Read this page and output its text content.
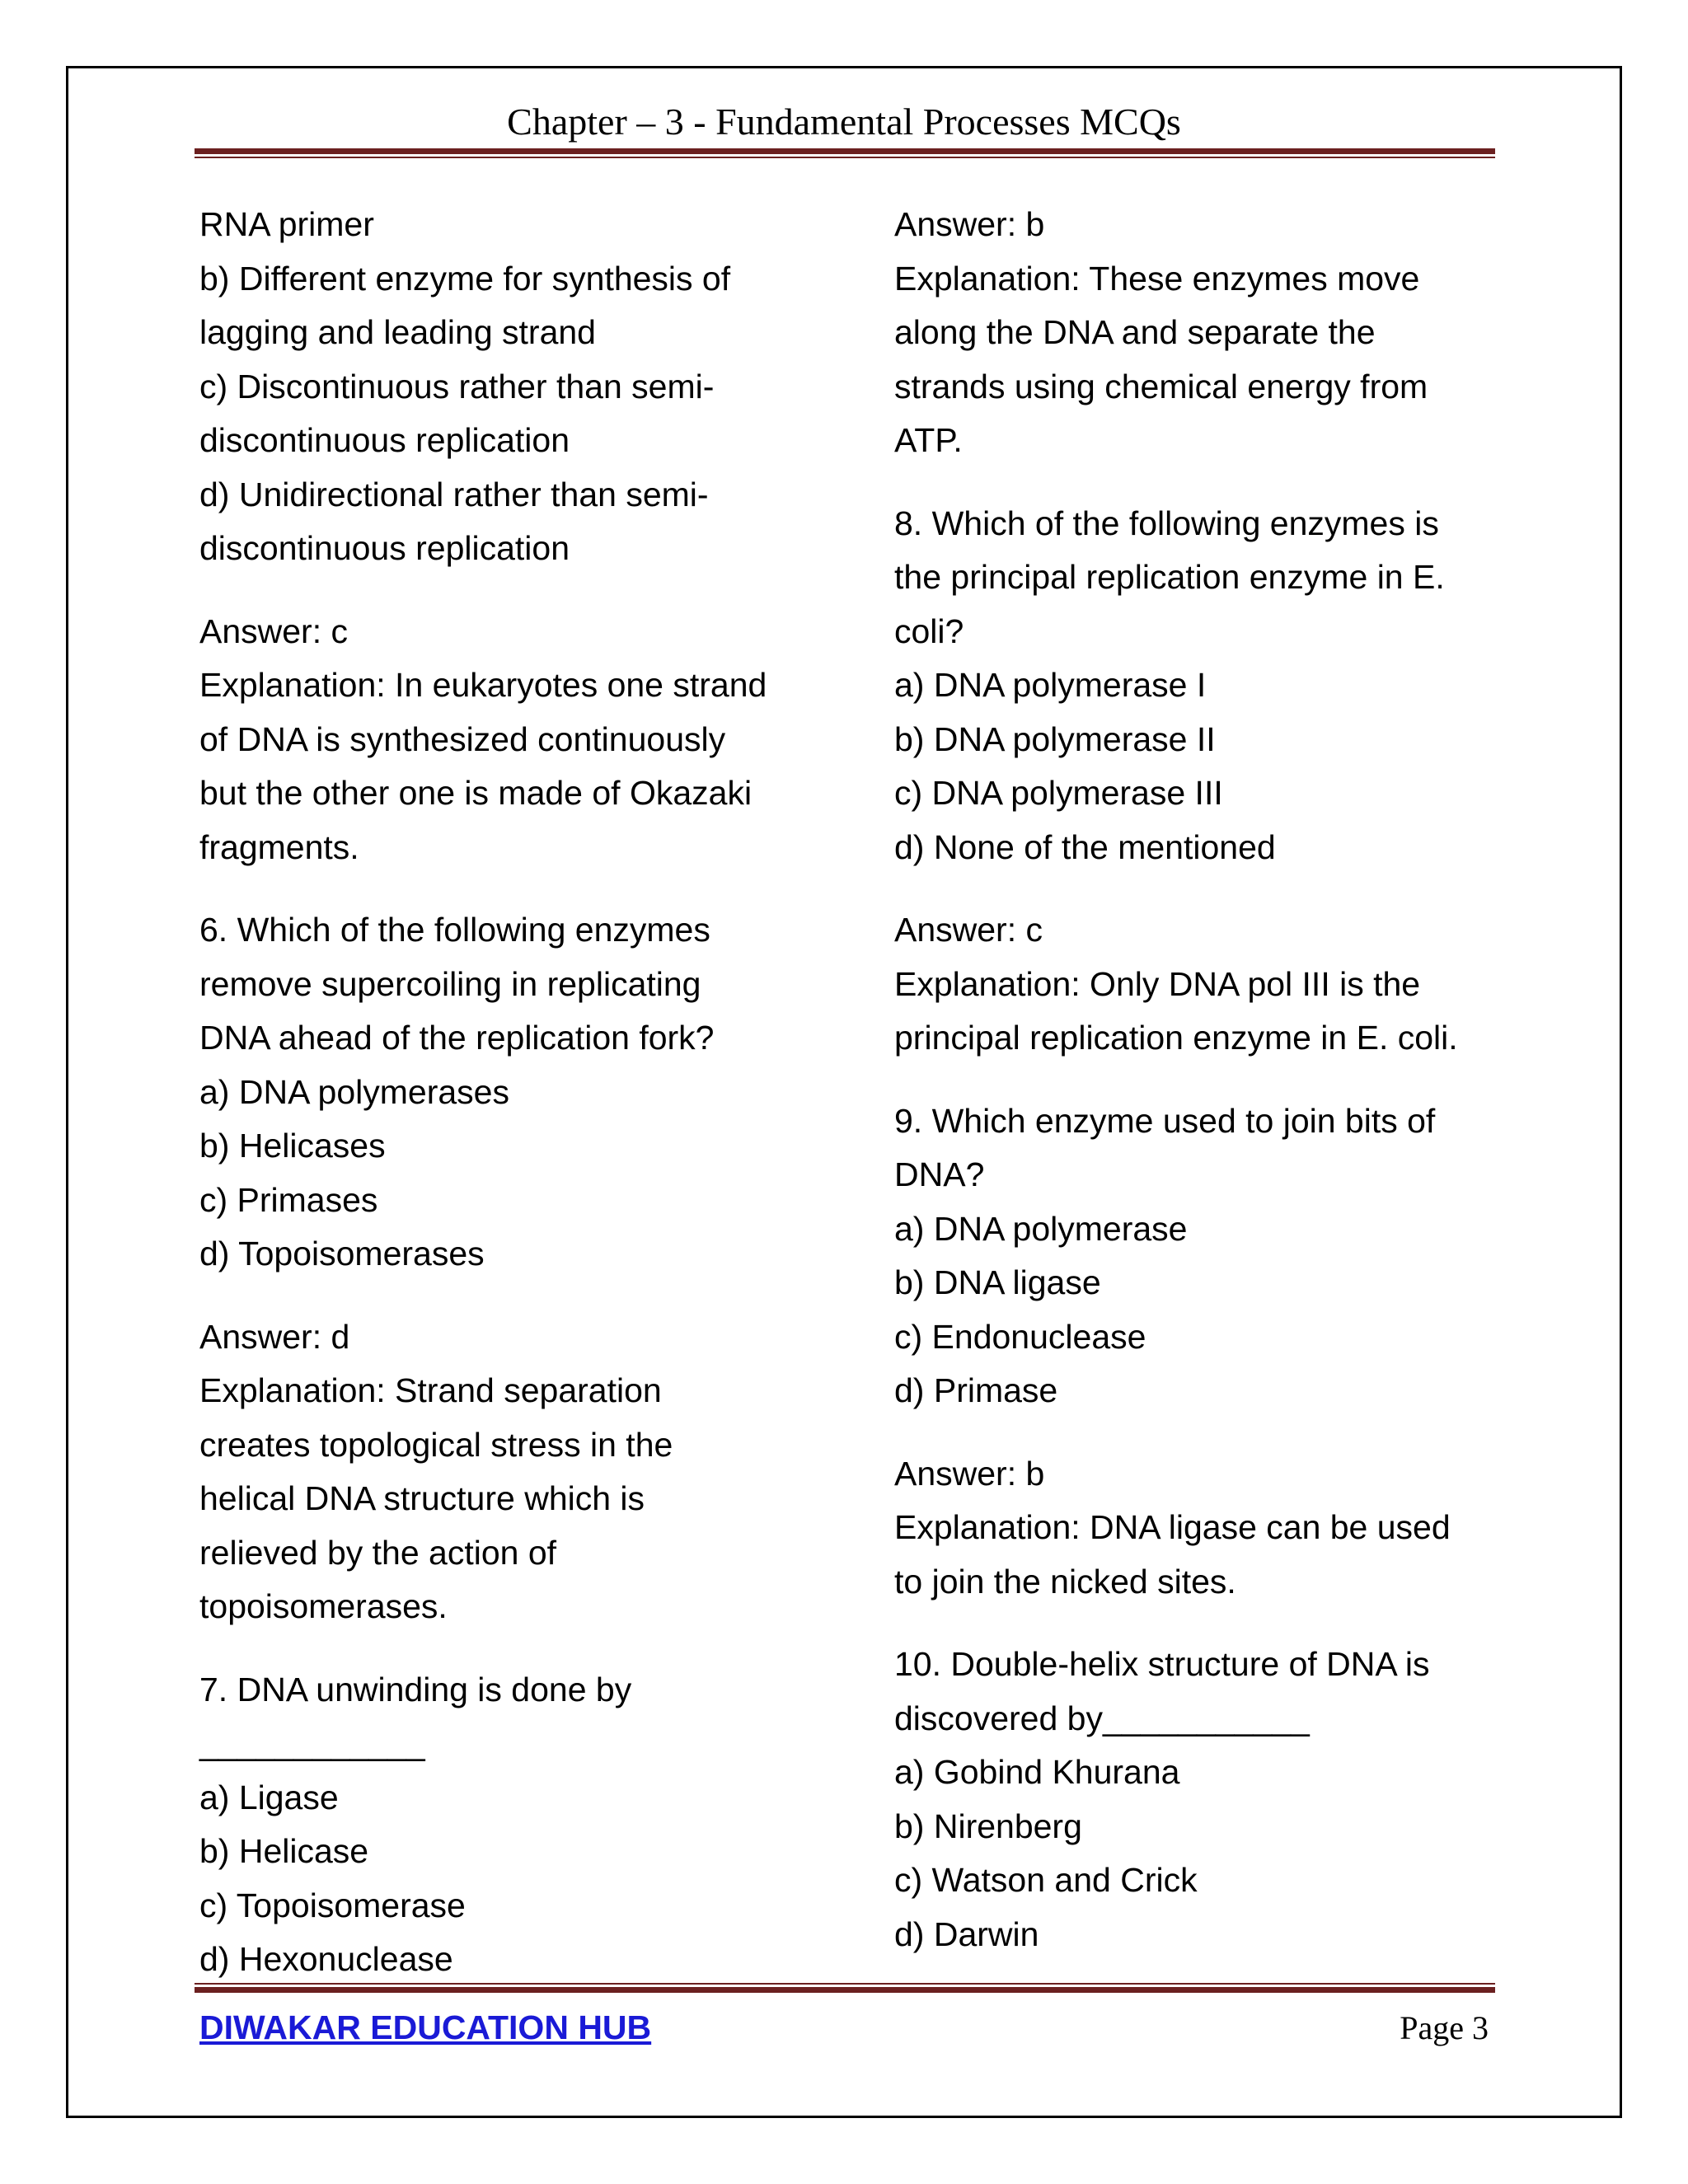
Chapter – 3 - Fundamental Processes MCQs
RNA primer
b) Different enzyme for synthesis of
lagging and leading strand
c) Discontinuous rather than semi-
discontinuous replication
d) Unidirectional rather than semi-
discontinuous replication
Answer: c
Explanation: In eukaryotes one strand
of DNA is synthesized continuously
but the other one is made of Okazaki
fragments.
6. Which of the following enzymes
remove supercoiling in replicating
DNA ahead of the replication fork?
a) DNA polymerases
b) Helicases
c) Primases
d) Topoisomerases
Answer: d
Explanation: Strand separation
creates topological stress in the
helical DNA structure which is
relieved by the action of
topoisomerases.
7. DNA unwinding is done by
____________
a) Ligase
b) Helicase
c) Topoisomerase
d) Hexonuclease
Answer: b
Explanation: These enzymes move
along the DNA and separate the
strands using chemical energy from
ATP.
8. Which of the following enzymes is
the principal replication enzyme in E.
coli?
a) DNA polymerase I
b) DNA polymerase II
c) DNA polymerase III
d) None of the mentioned
Answer: c
Explanation: Only DNA pol III is the
principal replication enzyme in E. coli.
9. Which enzyme used to join bits of
DNA?
a) DNA polymerase
b) DNA ligase
c) Endonuclease
d) Primase
Answer: b
Explanation: DNA ligase can be used
to join the nicked sites.
10. Double-helix structure of DNA is
discovered by___________
a) Gobind Khurana
b) Nirenberg
c) Watson and Crick
d) Darwin
DIWAKAR EDUCATION HUB	Page 3
